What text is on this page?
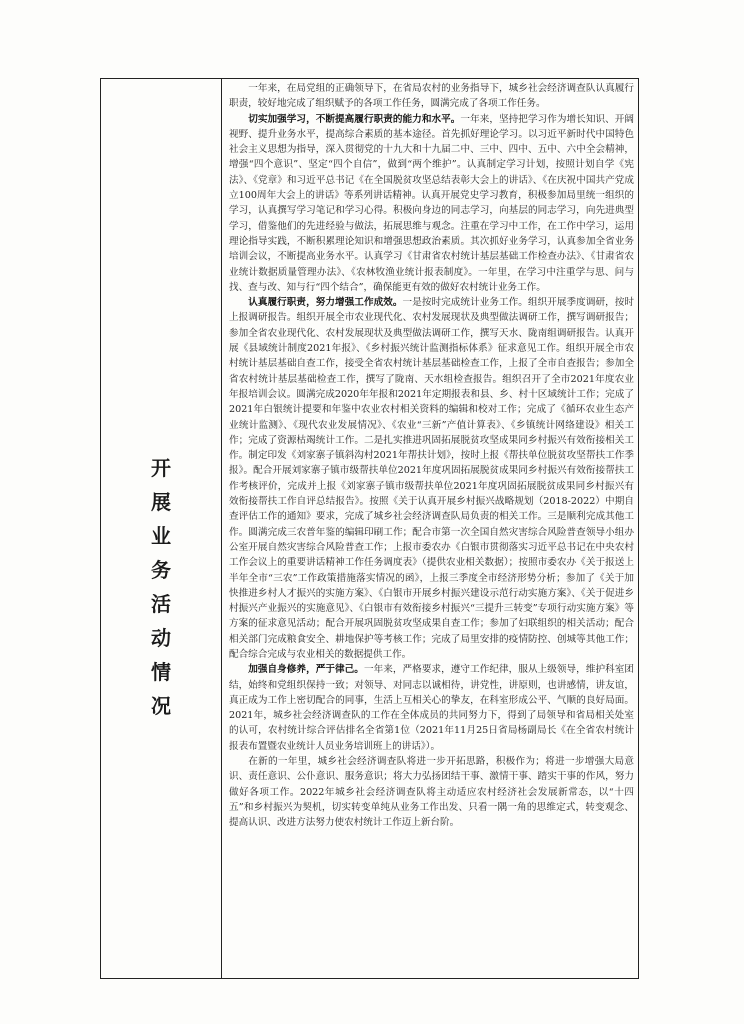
开
展
业
务
活
动
情
况

一年来，在局党组的正确领导下，在省局农村的业务指导下，城乡社会经济调查队认真履行职责，较好地完成了组织赋予的各项工作任务，圆满完成了各项工作任务。

切实加强学习，不断提高履行职责的能力和水平。一年来，坚持把学习作为增长知识、开阔视野、提升业务水平，提高综合素质的基本途径。首先抓好理论学习。以习近平新时代中国特色社会主义思想为指导，深入贯彻党的十九大和十九届二中、三中、四中、五中、六中全会精神，增强“四个意识”、坚定“四个自信”，做到“两个维护”。认真制定学习计划，按照计划自学《宪法》、《党章》和习近平总书记《在全国脱贫攻坚总结表彰大会上的讲话》、《在庆祝中国共产党成立100周年大会上的讲话》等系列讲话精神。认真开展党史学习教育，积极参加局里统一组织的学习，认真撰写学习笔记和学习心得。积极向身边的同志学习，向基层的同志学习，向先进典型学习，借鉴他们的先进经验与做法，拓展思维与观念。注重在学习中工作，在工作中学习，运用理论指导实践，不断积累理论知识和增强思想政治素质。其次抓好业务学习，认真参加全省业务培训会议，不断提高业务水平。认真学习《甘肃省农村统计基层基础工作检查办法》、《甘肃省农业统计数据质量管理办法》、《农林牧渔业统计报表制度》。一年里，在学习中注重学与思、问与找、查与改、知与行“四个结合”，确保能更有效的做好农村统计业务工作。

认真履行职责，努力增强工作成效。一是按时完成统计业务工作。组织开展季度调研，按时上报调研报告。组织开展全市农业现代化、农村发展现状及典型做法调研工作，撰写调研报告；参加全省农业现代化、农村发展现状及典型做法调研工作，撰写天水、陇南组调研报告。认真开展《县域统计制度2021年报》、《乡村振兴统计监测指标体系》征求意见工作。组织开展全市农村统计基层基础自查工作，接受全省农村统计基层基础检查工作，上报了全市自查报告；参加全省农村统计基层基础检查工作，撰写了陇南、天水组检查报告。组织召开了全市2021年度农业年报培训会议。圆满完成2020年年报和2021年定期报表和县、乡、村十区域统计工作；完成了2021年白银统计提要和年鉴中农业农村相关资料的编辑和校对工作；完成了《循环农业生态产业统计监测》、《现代农业发展情况》、《农业“三新”产值计算表》、《乡镇统计网络建设》相关工作；完成了资源枯竭统计工作。二是扎实推进巩固拓展脱贫攻坚成果同乡村振兴有效衔接相关工作。制定印发《刘家寨子镇斜沟村2021年帮扶计划》，按时上报《帮扶单位脱贫攻坚帮扶工作季报》。配合开展刘家寨子镇市级帮扶单位2021年度巩固拓展脱贫成果同乡村振兴有效衔接帮扶工作考核评价，完成并上报《刘家寨子镇市级帮扶单位2021年度巩固拓展脱贫成果同乡村振兴有效衔接帮扶工作自评总结报告》。按照《关于认真开展乡村振兴战略规划（2018-2022）中期自查评估工作的通知》要求，完成了城乡社会经济调查队局负责的相关工作。三是顺利完成其他工作。圆满完成三农普年鉴的编辑印刷工作；配合市第一次全国自然灾害综合风险普查领导小组办公室开展自然灾害综合风险普查工作；上报市委农办《白银市贯彻落实习近平总书记在中央农村工作会议上的重要讲话精神工作任务调度表》（提供农业相关数据）；按照市委农办《关于报送上半年全市“三农”工作政策措施落实情况的函》，上报三季度全市经济形势分析；参加了《关于加快推进乡村人才振兴的实施方案》、《白银市开展乡村振兴建设示范行动实施方案》、《关于促进乡村振兴产业振兴的实施意见》、《白银市有效衔接乡村振兴“三提升三转变”专项行动实施方案》等方案的征求意见活动；配合开展巩固脱贫攻坚成果自查工作；参加了妇联组织的相关活动；配合相关部门完成粮食安全、耕地保护等考核工作；完成了局里安排的疫情防控、创城等其他工作；配合综合完成与农业相关的数据提供工作。

加强自身修养，严于律己。一年来，严格要求，遵守工作纪律，服从上级领导，维护科室团结，始终和党组织保持一致；对领导、对同志以诚相待，讲党性，讲原则，也讲感情，讲友谊，真正成为工作上密切配合的同事，生活上互相关心的挚友，在科室形成公平、气顺的良好局面。2021年，城乡社会经济调查队的工作在全体成员的共同努力下，得到了局领导和省局相关处室的认可，农村统计综合评估排名全省第1位（2021年11月25日省局杨副局长《在全省农村统计报表布置暨农业统计人员业务培训班上的讲话》）。

在新的一年里，城乡社会经济调查队将进一步开拓思路，积极作为；将进一步增强大局意识、责任意识、公仆意识、服务意识；将大力弘扬团结干事、激情干事、踏实干事的作风，努力做好各项工作。2022年城乡社会经济调查队将主动适应农村经济社会发展新常态，以“十四五”和乡村振兴为契机，切实转变单纯从业务工作出发、只看一隅一角的思维定式，转变观念、提高认识、改进方法努力使农村统计工作迈上新台阶。
